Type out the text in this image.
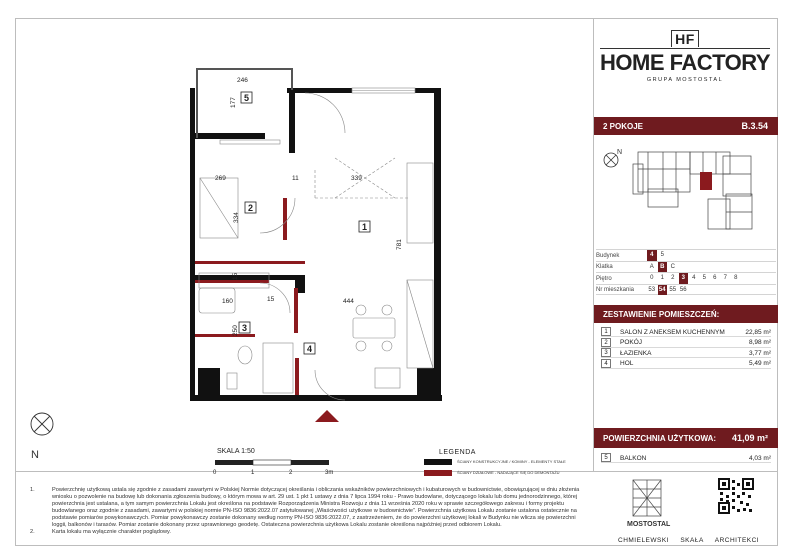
246
177
269	11	339
334
781
15
160	15	444
250
1
2
3
4
5
HF
HOME FACTORY
GRUPA MOSTOSTAL
2 POKOJE	B.3.54
N
Budynek	4	5
Klatka	A	B	C
Piętro	0	1	2	3	4	5	6	7	8
Nr mieszkania 53 54 55 56
ZESTAWIENIE POMIESZCZEŃ:
1	SALON Z ANEKSEM KUCHENNYM	22,85 m²
2	POKÓJ	8,98 m²
3	ŁAZIENKA	3,77 m²
4	HOL	5,49 m²
POWIERZCHNIA UŻYTKOWA: 41,09 m²
5	BALKON	4,03 m²
N	SKALA 1:50
0	1	2	3m
LEGENDA
ŚCIANY KONSTRUKCYJNE / KOMINY - ELEMENTY STAŁE
ŚCIANY DZIAŁOWE - NADAJĄCE SIĘ DO DEMONTAŻU
1.	Powierzchnię użytkową ustala się zgodnie z zasadami zawartymi w Polskiej Normie dotyczącej określania i obliczania wskaźników powierzchniowych i kubaturowych w budownictwie, obowiązującej w dniu złożenia wniosku o pozwolenie na budowę lub dokonania zgłoszenia budowy, o którym mowa w art. 29 ust. 1 pkt 1 ustawy z dnia 7 lipca 1994 roku - Prawo budowlane, dotyczącego lokalu lub domu jednorodzinnego, której powierzchnia jest ustalana, a tym samym powierzchnia Lokalu jest określona na podstawie Rozporządzenia Ministra Rozwoju z dnia 11 września 2020 roku w sprawie szczegółowego zakresu i formy projektu budowlanego oraz zgodnie z zasadami, zawartymi w polskiej normie PN-ISO 9836:2022.07 zatytułowanej „Właściwości użytkowe w budownictwie”. Powierzchnia użytkowa Lokalu zostanie ustalona ostatecznie na podstawie pomiarów powykonawczych. Pomiar powykonawczy zostanie dokonany według normy PN-ISO 9836:2022.07, z zastrzeżeniem, że do powierzchni użytkowej lokali w Budynku nie wlicza się powierzchni loggii, balkonów i tarasów. Pomiar zostanie dokonany przez uprawnionego geodetę. Ostateczna powierzchnia użytkowa Lokalu zostanie określona najpóźniej przed odbiorem Lokalu.
2.	Karta lokalu ma wyłącznie charakter poglądowy.
MOSTOSTAL
CHMIELEWSKI SKAŁA ARCHITEKCI
